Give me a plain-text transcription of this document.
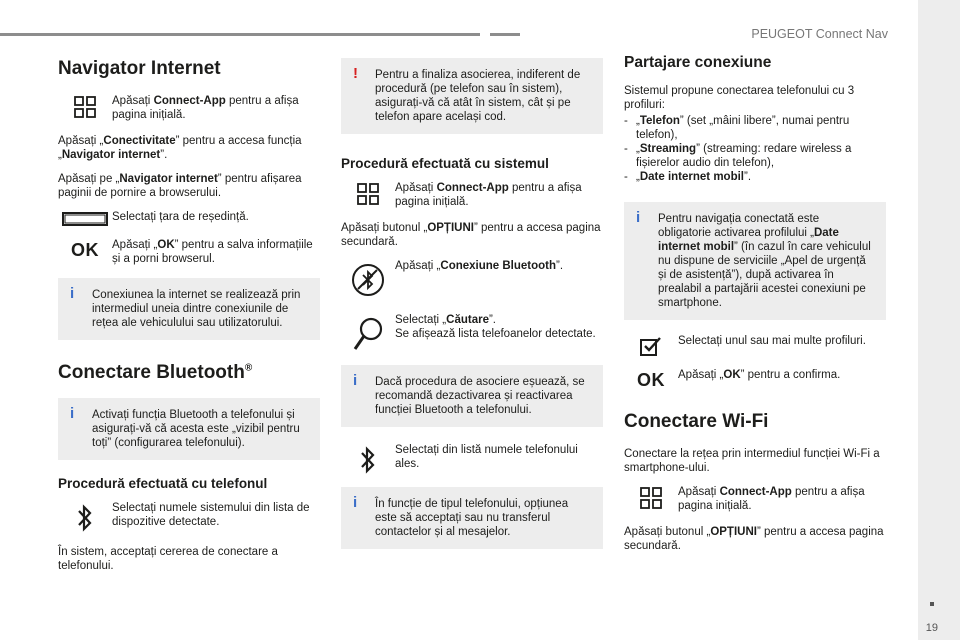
PEUGEOT Connect Nav
19
Navigator Internet
Apăsați Connect-App pentru a afișa pagina inițială.

Apăsați „Conectivitate” pentru a accesa funcția „Navigator internet”.

Apăsați pe „Navigator internet” pentru afișarea paginii de pornire a browserului.

Selectați țara de reședință.
OK Apăsați „OK” pentru a salva informațiile și a porni browserul.
i Conexiunea la internet se realizează prin intermediul uneia dintre conexiunile de rețea ale vehiculului sau utilizatorului.
Conectare Bluetooth®
i Activați funcția Bluetooth a telefonului și asigurați-vă că acesta este „vizibil pentru toți” (configurarea telefonului).
Procedură efectuată cu telefonul
Selectați numele sistemului din lista de dispozitive detectate.

În sistem, acceptați cererea de conectare a telefonului.

! Pentru a finaliza asocierea, indiferent de procedură (pe telefon sau în sistem), asigurați-vă că atât în sistem, cât și pe telefon apare același cod.
Procedură efectuată cu sistemul
Apăsați Connect-App pentru a afișa pagina inițială.

Apăsați butonul „OPȚIUNI” pentru a accesa pagina secundară.

Apăsați „Conexiune Bluetooth”.
Selectați „Căutare”.
Se afișează lista telefoanelor detectate.
i Dacă procedura de asociere eșuează, se recomandă dezactivarea și reactivarea funcției Bluetooth a telefonului.
Selectați din listă numele telefonului ales.
i În funcție de tipul telefonului, opțiunea este să acceptați sau nu transferul contactelor și al mesajelor.
Partajare conexiune

Sistemul propune conectarea telefonului cu 3 profiluri:

- „Telefon” (set „mâini libere”, numai pentru telefon),
- „Streaming” (streaming: redare wireless a fișierelor audio din telefon),
- „Date internet mobil”.
i Pentru navigația conectată este obligatorie activarea profilului „Date internet mobil” (în cazul în care vehiculul nu dispune de serviciile „Apel de urgență și de asistență”), după activarea în prealabil a partajării acestei conexiuni pe smartphone.
Selectați unul sau mai multe profiluri.
OK Apăsați „OK” pentru a confirma.
Conectare Wi-Fi

Conectare la rețea prin intermediul funcției Wi-Fi a smartphone-ului.

Apăsați Connect-App pentru a afișa pagina inițială.

Apăsați butonul „OPȚIUNI” pentru a accesa pagina secundară.
